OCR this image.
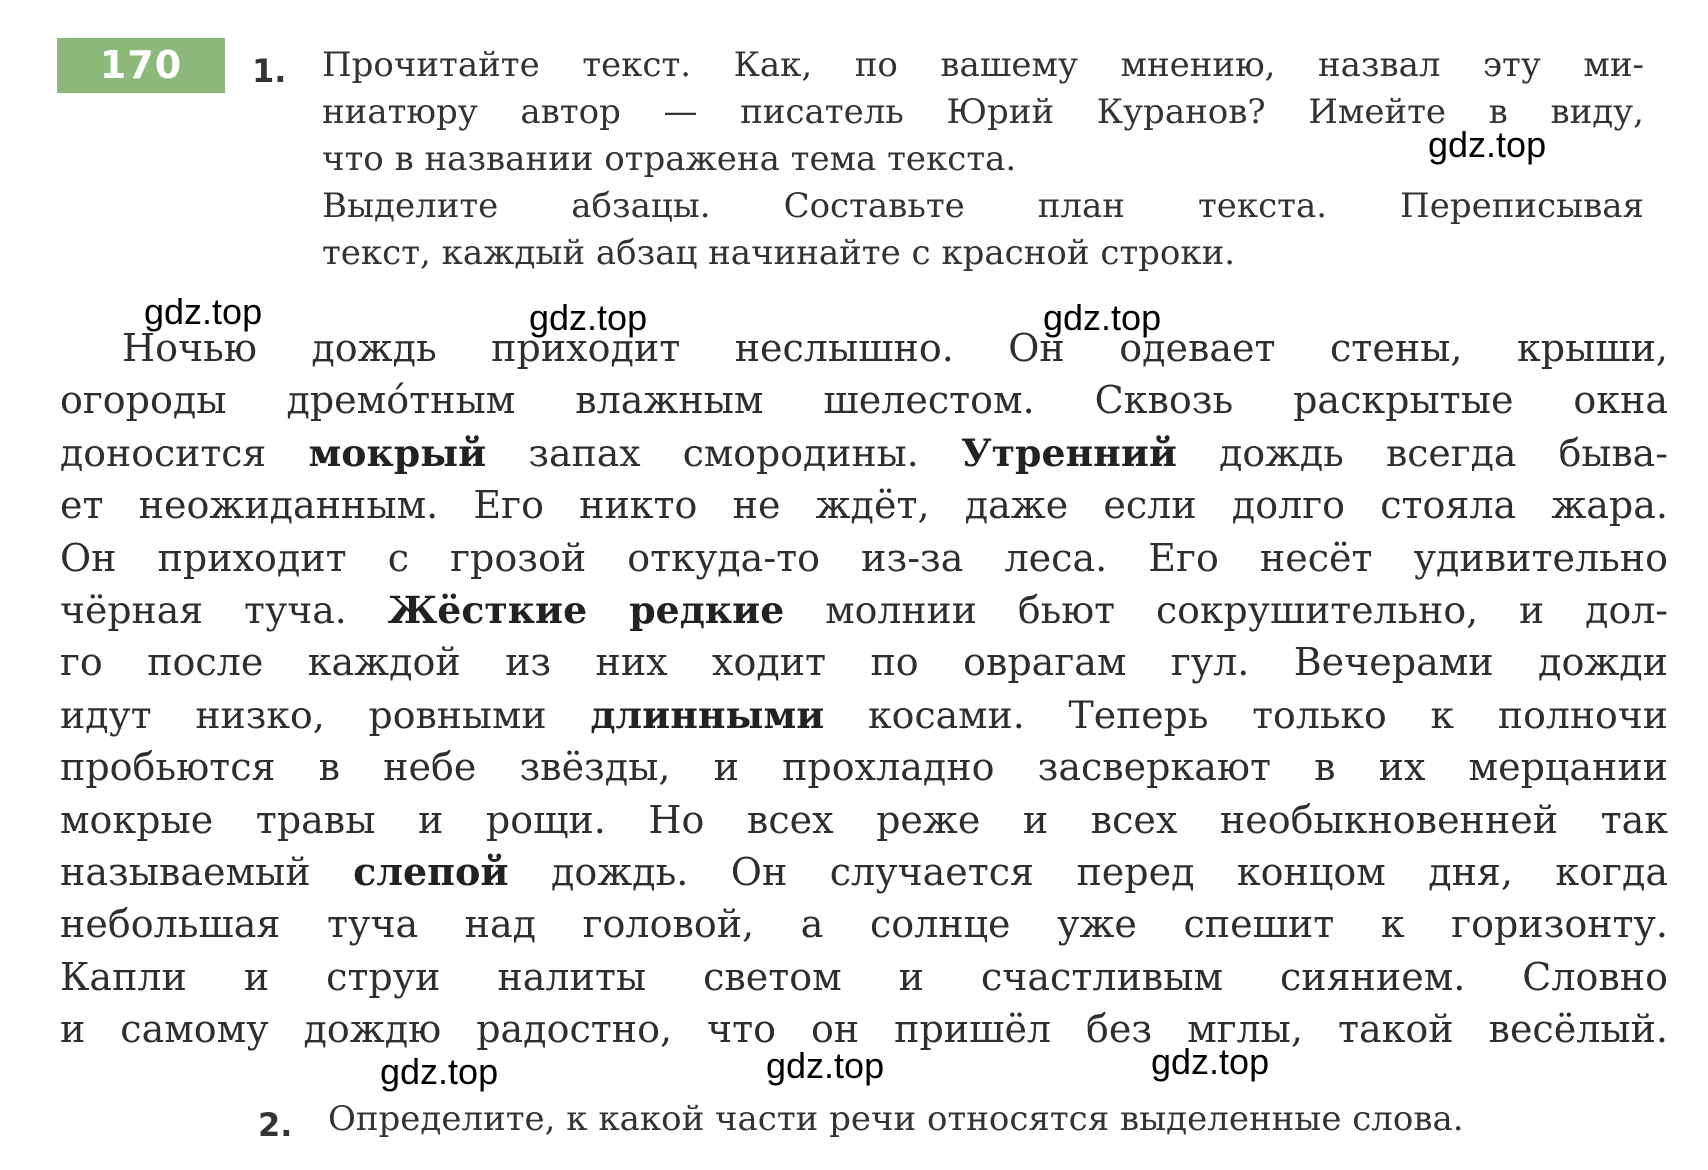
170	1. Прочитайте текст. Как, по вашему мнению, назвал эту ми-
ниатюру автор — писатель Юрий Куранов? Имейте в виду,
что в названии отражена тема текста.
Выделите абзацы. Составьте план текста. Переписывая
текст, каждый абзац начинайте с красной строки.
Ночью дождь приходит неслышно. Он одевает стены, крыши,
огороды дремо́тным влажным шелестом. Сквозь раскрытые окна
доносится мокрый запах смородины. Утренний дождь всегда быва-
ет неожиданным. Его никто не ждёт, даже если долго стояла жара.
Он приходит с грозой откуда-то из-за леса. Его несёт удивительно
чёрная туча. Жёсткие редкие молнии бьют сокрушительно, и дол-
го после каждой из них ходит по оврагам гул. Вечерами дожди
идут низко, ровными длинными косами. Теперь только к полночи
пробьются в небе звёзды, и прохладно засверкают в их мерцании
мокрые травы и рощи. Но всех реже и всех необыкновенней так
называемый слепой дождь. Он случается перед концом дня, когда
небольшая туча над головой, а солнце уже спешит к горизонту.
Капли и струи налиты светом и счастливым сиянием. Словно
и самому дождю радостно, что он пришёл без мглы, такой весёлый.
2. Определите, к какой части речи относятся выделенные слова.
gdz.top
gdz.top	gdz.top	gdz.top
gdz.top	gdz.top	gdz.top
